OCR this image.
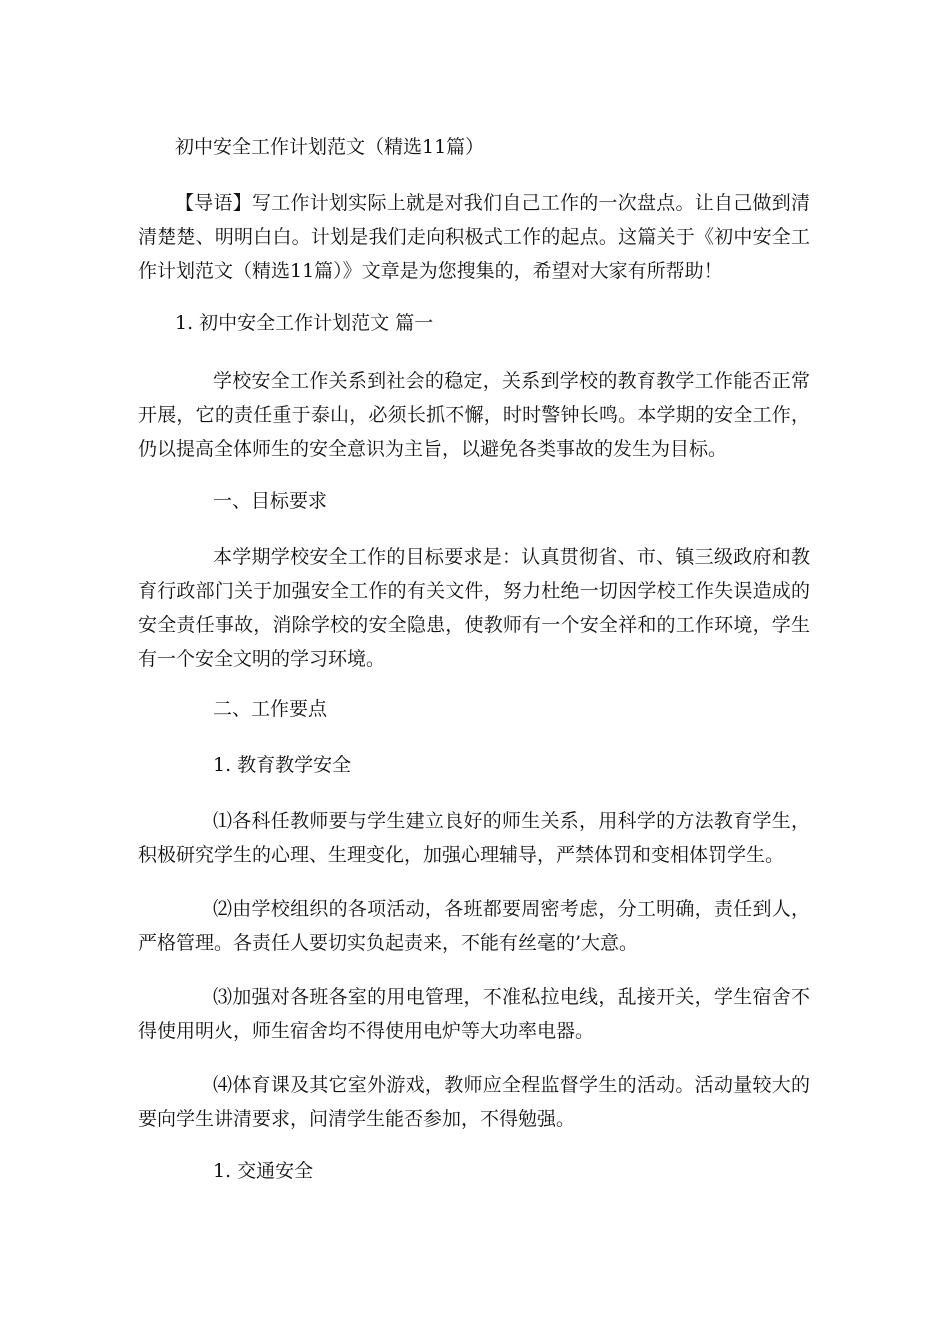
初中安全工作计划范文（精选11篇）
【导语】写工作计划实际上就是对我们自己工作的一次盘点。让自己做到清清楚楚、明明白白。计划是我们走向积极式工作的起点。这篇关于《初中安全工作计划范文（精选11篇）》文章是为您搜集的，希望对大家有所帮助！
1. 初中安全工作计划范文 篇一
学校安全工作关系到社会的稳定，关系到学校的教育教学工作能否正常开展，它的责任重于泰山，必须长抓不懈，时时警钟长鸣。本学期的安全工作，仍以提高全体师生的安全意识为主旨，以避免各类事故的发生为目标。
一、目标要求
本学期学校安全工作的目标要求是：认真贯彻省、市、镇三级政府和教育行政部门关于加强安全工作的有关文件，努力杜绝一切因学校工作失误造成的安全责任事故，消除学校的安全隐患，使教师有一个安全祥和的工作环境，学生有一个安全文明的学习环境。
二、工作要点
1. 教育教学安全
⑴各科任教师要与学生建立良好的师生关系，用科学的方法教育学生，积极研究学生的心理、生理变化，加强心理辅导，严禁体罚和变相体罚学生。
⑵由学校组织的各项活动，各班都要周密考虑，分工明确，责任到人，严格管理。各责任人要切实负起责来，不能有丝毫的’大意。
⑶加强对各班各室的用电管理，不准私拉电线，乱接开关，学生宿舍不得使用明火，师生宿舍均不得使用电炉等大功率电器。
⑷体育课及其它室外游戏，教师应全程监督学生的活动。活动量较大的要向学生讲清要求，问清学生能否参加，不得勉强。
1. 交通安全
